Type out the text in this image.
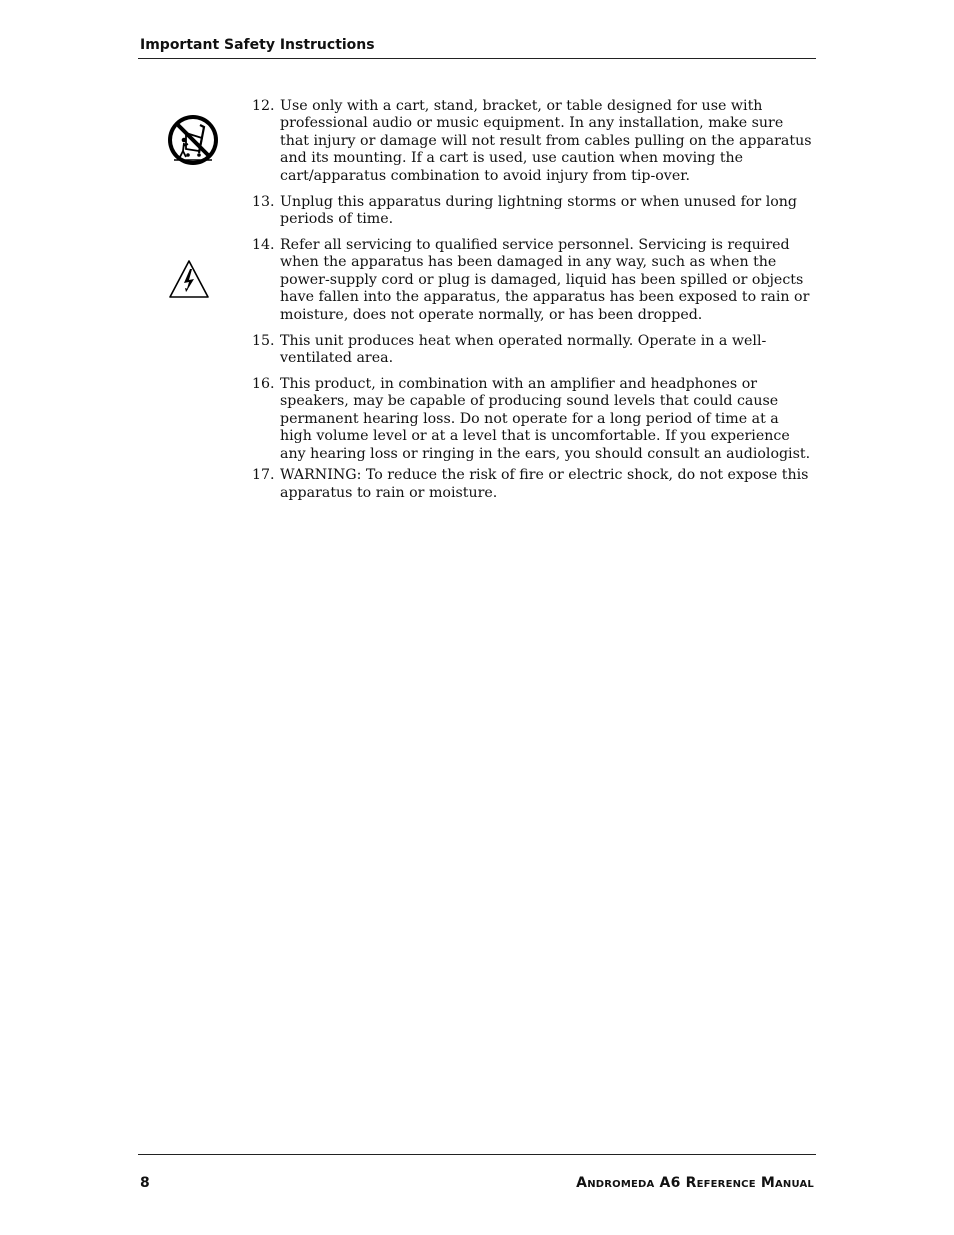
Important Safety Instructions
12. Use only with a cart, stand, bracket, or table designed for use with professional audio or music equipment. In any installation, make sure that injury or damage will not result from cables pulling on the apparatus and its mounting. If a cart is used, use caution when moving the cart/apparatus combination to avoid injury from tip-over.
13. Unplug this apparatus during lightning storms or when unused for long periods of time.
14. Refer all servicing to qualified service personnel. Servicing is required when the apparatus has been damaged in any way, such as when the power-supply cord or plug is damaged, liquid has been spilled or objects have fallen into the apparatus, the apparatus has been exposed to rain or moisture, does not operate normally, or has been dropped.
15. This unit produces heat when operated normally. Operate in a well-ventilated area.
16. This product, in combination with an amplifier and headphones or speakers, may be capable of producing sound levels that could cause permanent hearing loss. Do not operate for a long period of time at a high volume level or at a level that is uncomfortable. If you experience any hearing loss or ringing in the ears, you should consult an audiologist.
17. WARNING: To reduce the risk of fire or electric shock, do not expose this apparatus to rain or moisture.
8	Andromeda A6 Reference Manual
